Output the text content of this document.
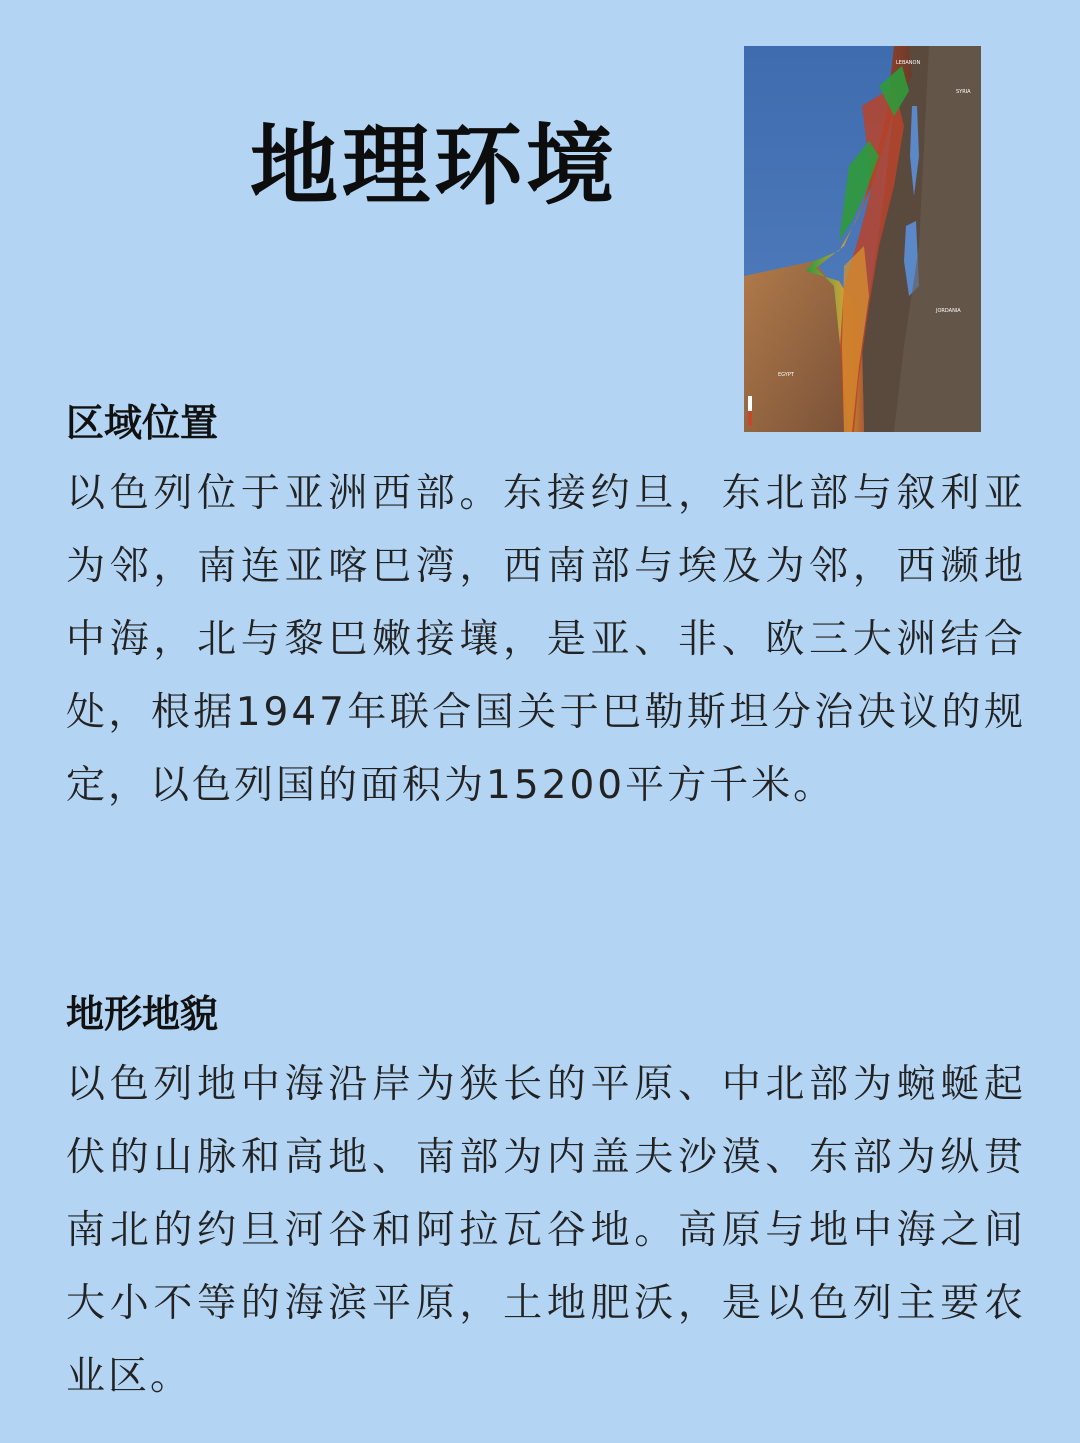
地理环境
LEBANON
SYRIA
JORDANIA
EGYPT
区域位置

以色列位于亚洲西部。东接约旦，东北部与叙利亚为邻，南连亚喀巴湾，西南部与埃及为邻，西濒地中海，北与黎巴嫩接壤，是亚、非、欧三大洲结合处，根据1947年联合国关于巴勒斯坦分治决议的规定，以色列国的面积为15200平方千米。

地形地貌

以色列地中海沿岸为狭长的平原、中北部为蜿蜒起伏的山脉和高地、南部为内盖夫沙漠、东部为纵贯南北的约旦河谷和阿拉瓦谷地。高原与地中海之间大小不等的海滨平原，土地肥沃，是以色列主要农业区。
